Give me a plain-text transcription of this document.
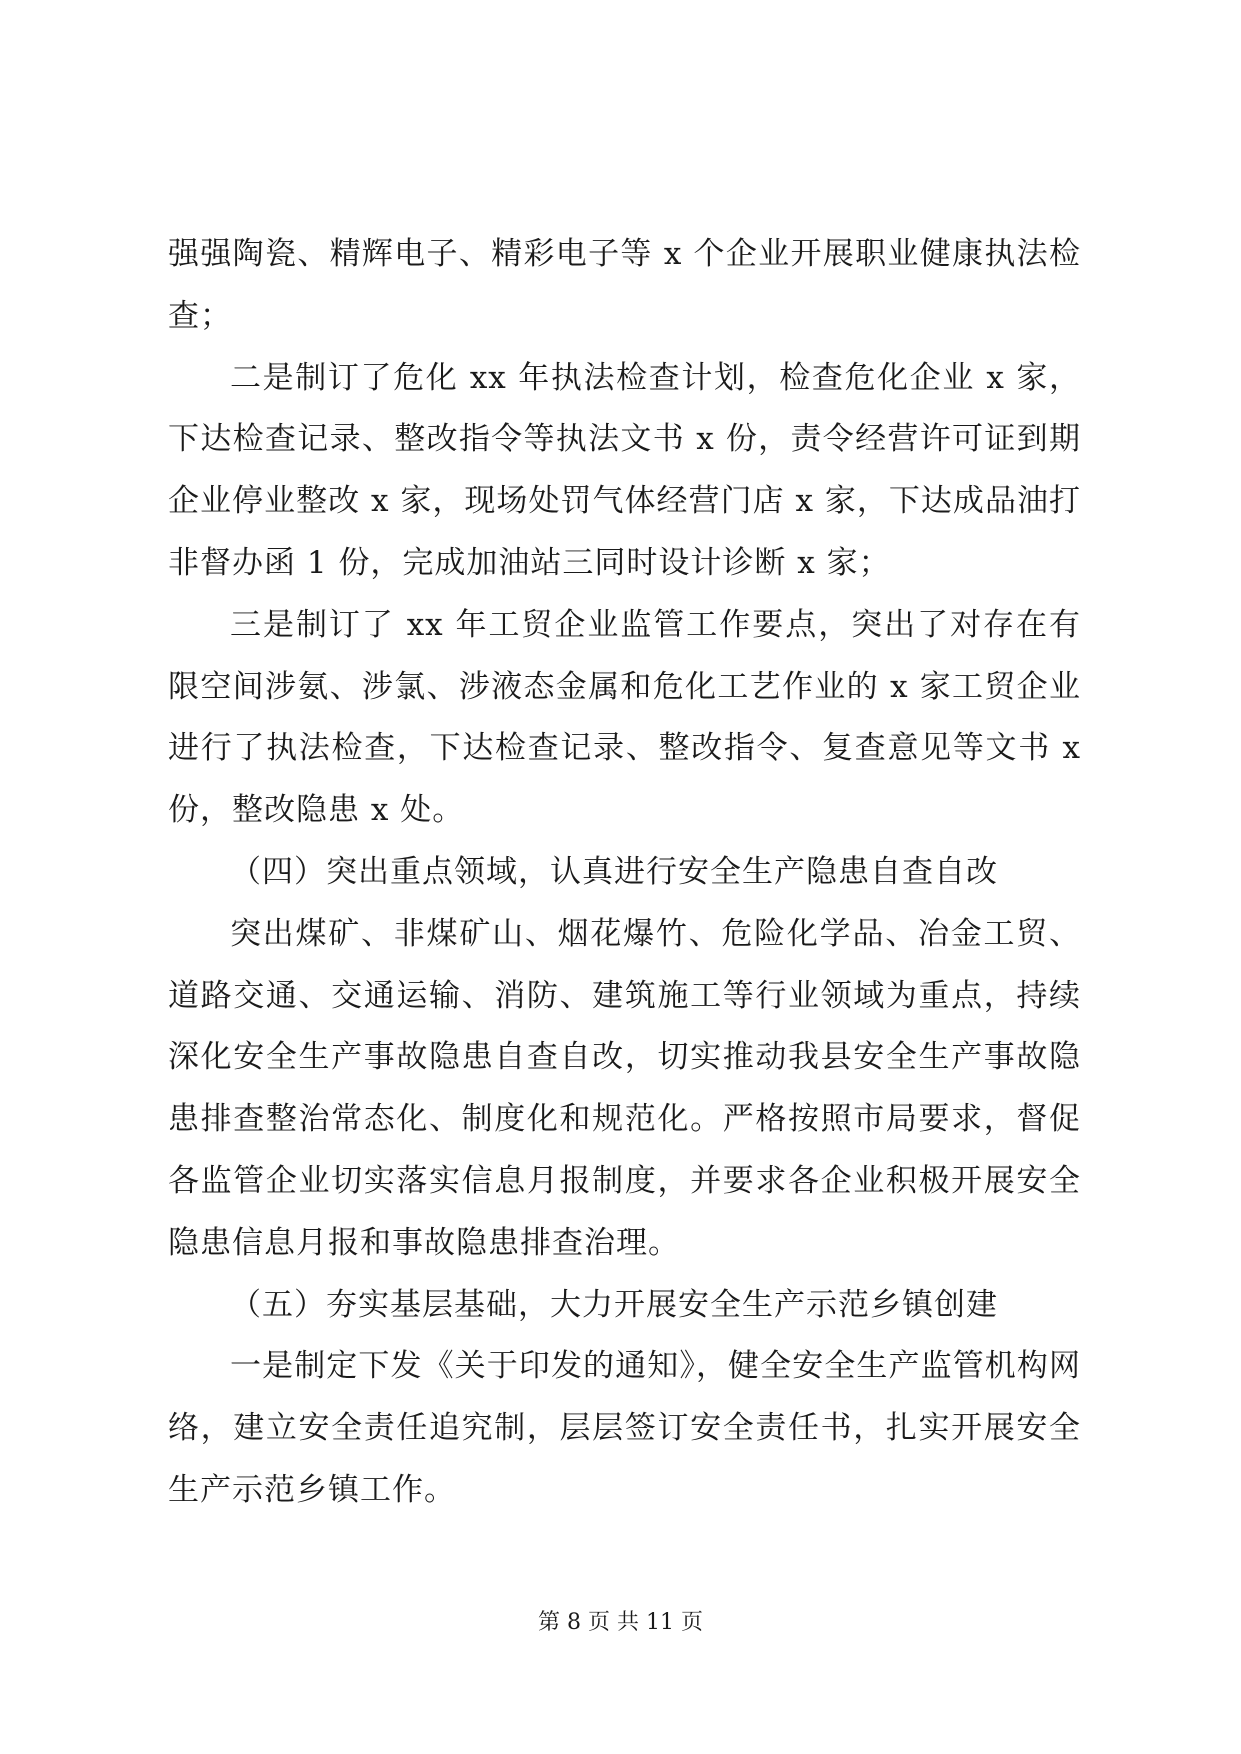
强强陶瓷、精辉电子、精彩电子等 x 个企业开展职业健康执法检查；

二是制订了危化 xx 年执法检查计划，检查危化企业 x 家，下达检查记录、整改指令等执法文书 x 份，责令经营许可证到期企业停业整改 x 家，现场处罚气体经营门店 x 家，下达成品油打非督办函 1 份，完成加油站三同时设计诊断 x 家；

三是制订了 xx 年工贸企业监管工作要点，突出了对存在有限空间涉氨、涉氯、涉液态金属和危化工艺作业的 x 家工贸企业进行了执法检查，下达检查记录、整改指令、复查意见等文书 x 份，整改隐患 x 处。

（四）突出重点领域，认真进行安全生产隐患自查自改

突出煤矿、非煤矿山、烟花爆竹、危险化学品、冶金工贸、道路交通、交通运输、消防、建筑施工等行业领域为重点，持续深化安全生产事故隐患自查自改，切实推动我县安全生产事故隐患排查整治常态化、制度化和规范化。严格按照市局要求，督促各监管企业切实落实信息月报制度，并要求各企业积极开展安全隐患信息月报和事故隐患排查治理。

（五）夯实基层基础，大力开展安全生产示范乡镇创建

一是制定下发《关于印发的通知》，健全安全生产监管机构网络，建立安全责任追究制，层层签订安全责任书，扎实开展安全生产示范乡镇工作。

第 8 页 共 11 页
